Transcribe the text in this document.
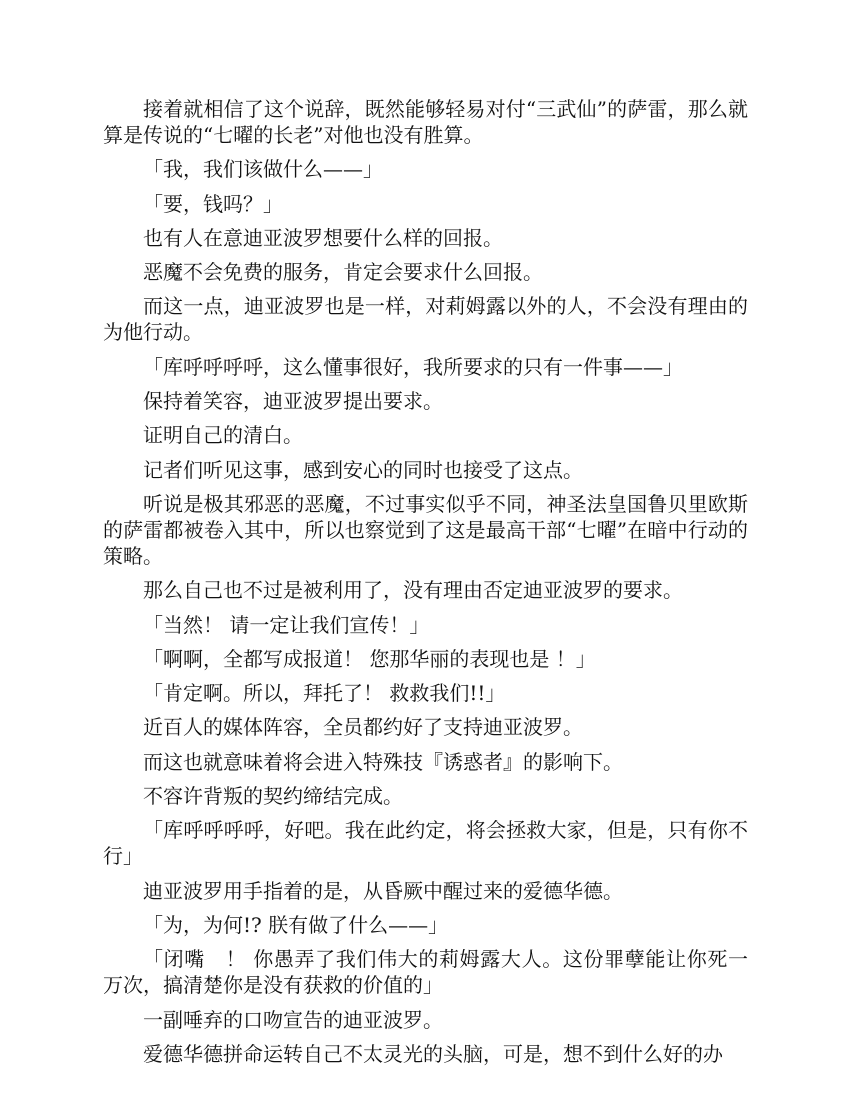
接着就相信了这个说辞，既然能够轻易对付“三武仙”的萨雷，那么就算是传说的“七曜的长老”对他也没有胜算。

「我，我们该做什么——」

「要，钱吗？」

也有人在意迪亚波罗想要什么样的回报。

恶魔不会免费的服务，肯定会要求什么回报。

而这一点，迪亚波罗也是一样，对莉姆露以外的人，不会没有理由的为他行动。

「库呼呼呼呼，这么懂事很好，我所要求的只有一件事——」

保持着笑容，迪亚波罗提出要求。

证明自己的清白。

记者们听见这事，感到安心的同时也接受了这点。

听说是极其邪恶的恶魔，不过事实似乎不同，神圣法皇国鲁贝里欧斯的萨雷都被卷入其中，所以也察觉到了这是最高干部“七曜”在暗中行动的策略。

那么自己也不过是被利用了，没有理由否定迪亚波罗的要求。

「当然！ 请一定让我们宣传！」

「啊啊，全都写成报道！ 您那华丽的表现也是 ！」

「肯定啊。所以，拜托了！ 救救我们!!」

近百人的媒体阵容，全员都约好了支持迪亚波罗。

而这也就意味着将会进入特殊技『诱惑者』的影响下。

不容许背叛的契约缔结完成。

「库呼呼呼呼，好吧。我在此约定，将会拯救大家，但是，只有你不行」

迪亚波罗用手指着的是，从昏厥中醒过来的爱德华德。

「为，为何!? 朕有做了什么——」

「闭嘴　！ 你愚弄了我们伟大的莉姆露大人。这份罪孽能让你死一万次，搞清楚你是没有获救的价值的」

一副唾弃的口吻宣告的迪亚波罗。

爱德华德拼命运转自己不太灵光的头脑，可是，想不到什么好的办
